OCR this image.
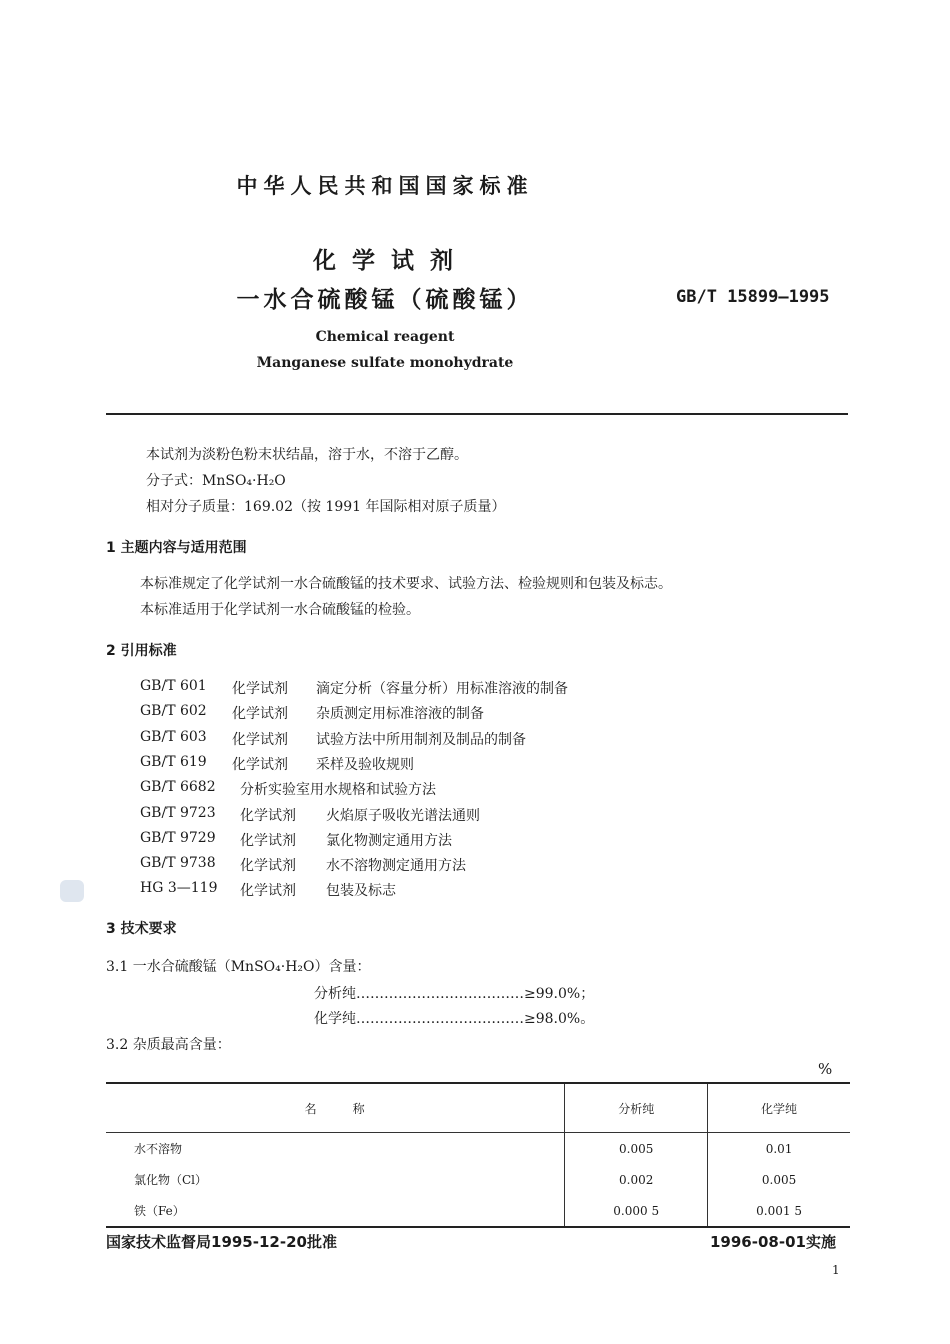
中华人民共和国国家标准
化 学 试 剂
一水合硫酸锰（硫酸锰）	GB/T 15899—1995
Chemical reagent
Manganese sulfate monohydrate
本试剂为淡粉色粉末状结晶，溶于水，不溶于乙醇。
分子式：MnSO₄·H₂O
相对分子质量：169.02（按 1991 年国际相对原子质量）
1 主题内容与适用范围
本标准规定了化学试剂一水合硫酸锰的技术要求、试验方法、检验规则和包装及标志。
本标准适用于化学试剂一水合硫酸锰的检验。
2 引用标准
GB/T 601 化学试剂 滴定分析（容量分析）用标准溶液的制备
GB/T 602 化学试剂 杂质测定用标准溶液的制备
GB/T 603 化学试剂 试验方法中所用制剂及制品的制备
GB/T 619 化学试剂 采样及验收规则
GB/T 6682 分析实验室用水规格和试验方法
GB/T 9723 化学试剂 火焰原子吸收光谱法通则
GB/T 9729 化学试剂 氯化物测定通用方法
GB/T 9738 化学试剂 水不溶物测定通用方法
HG 3—119 化学试剂 包装及标志
3 技术要求
3.1 一水合硫酸锰（MnSO₄·H₂O）含量：
分析纯………………………………≥99.0%；
化学纯………………………………≥98.0%。
3.2 杂质最高含量：
%
名　　　称	分析纯	化学纯
水不溶物	0.005	0.01
氯化物（Cl）	0.002	0.005
铁（Fe）	0.000 5	0.001 5
国家技术监督局1995-12-20批准	1996-08-01实施
1
